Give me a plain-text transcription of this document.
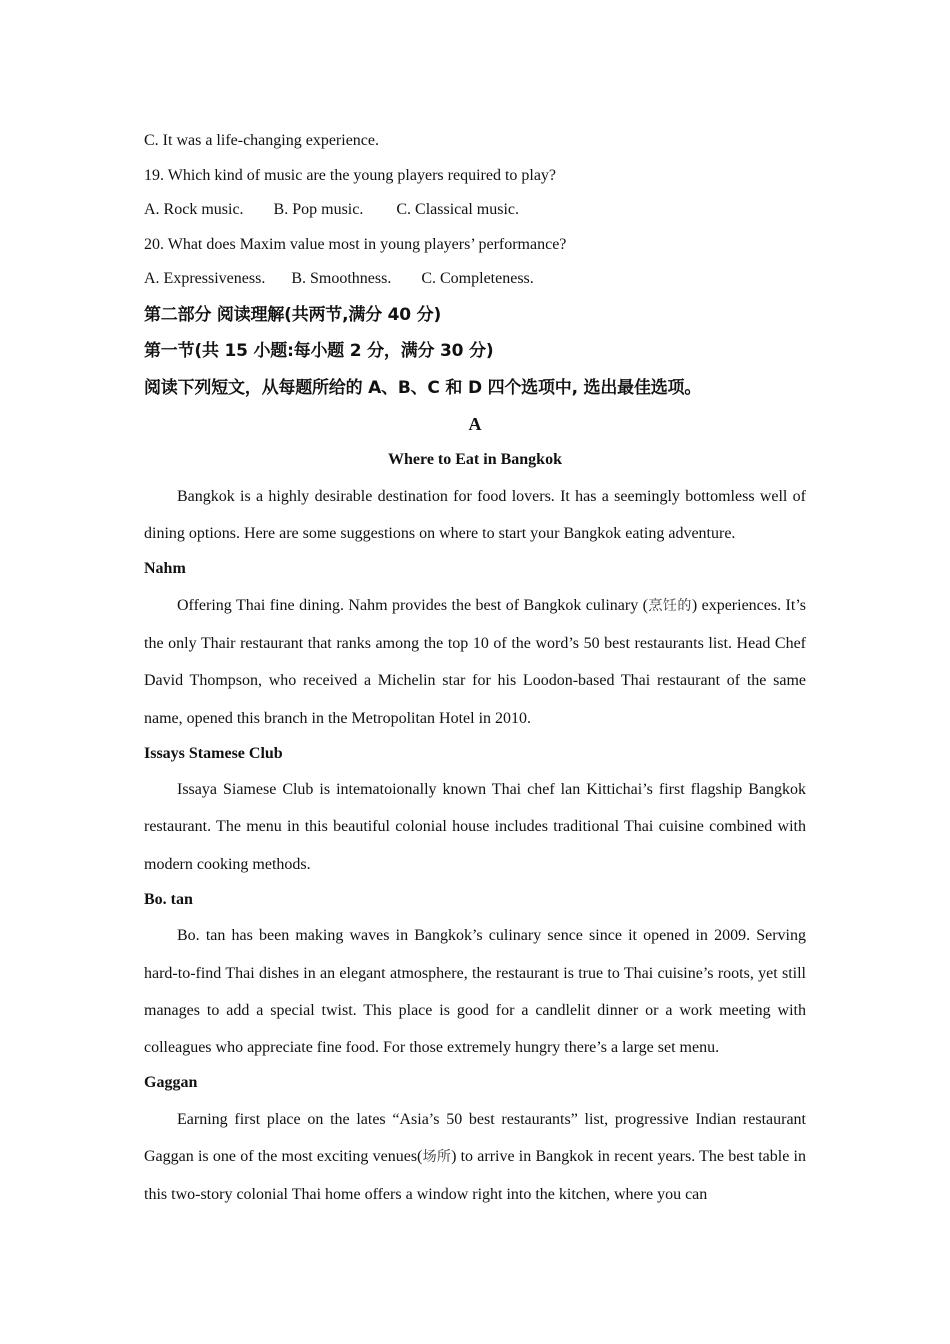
C. It was a life-changing experience.
19. Which kind of music are the young players required to play?
A. Rock music. B. Pop music. C. Classical music.
20. What does Maxim value most in young players’ performance?
A. Expressiveness. B. Smoothness. C. Completeness.
第二部分 阅读理解(共两节,满分 40 分)
第一节(共 15 小题:每小题 2 分，满分 30 分)
阅读下列短文，从每题所给的 A、B、C 和 D 四个选项中, 选出最佳选项。
A
Where to Eat in Bangkok

Bangkok is a highly desirable destination for food lovers. It has a seemingly bottomless well of dining options. Here are some suggestions on where to start your Bangkok eating adventure.

Nahm

Offering Thai fine dining. Nahm provides the best of Bangkok culinary (烹饪的) experiences. It’s the only Thair restaurant that ranks among the top 10 of the word’s 50 best restaurants list. Head Chef David Thompson, who received a Michelin star for his Loodon-based Thai restaurant of the same name, opened this branch in the Metropolitan Hotel in 2010.

Issays Stamese Club

Issaya Siamese Club is intematoionally known Thai chef lan Kittichai’s first flagship Bangkok restaurant. The menu in this beautiful colonial house includes traditional Thai cuisine combined with modern cooking methods.

Bo. tan

Bo. tan has been making waves in Bangkok’s culinary sence since it opened in 2009. Serving hard-to-find Thai dishes in an elegant atmosphere, the restaurant is true to Thai cuisine’s roots, yet still manages to add a special twist. This place is good for a candlelit dinner or a work meeting with colleagues who appreciate fine food. For those extremely hungry there’s a large set menu.

Gaggan

Earning first place on the lates “Asia’s 50 best restaurants” list, progressive Indian restaurant Gaggan is one of the most exciting venues(场所) to arrive in Bangkok in recent years. The best table in this two-story colonial Thai home offers a window right into the kitchen, where you can
